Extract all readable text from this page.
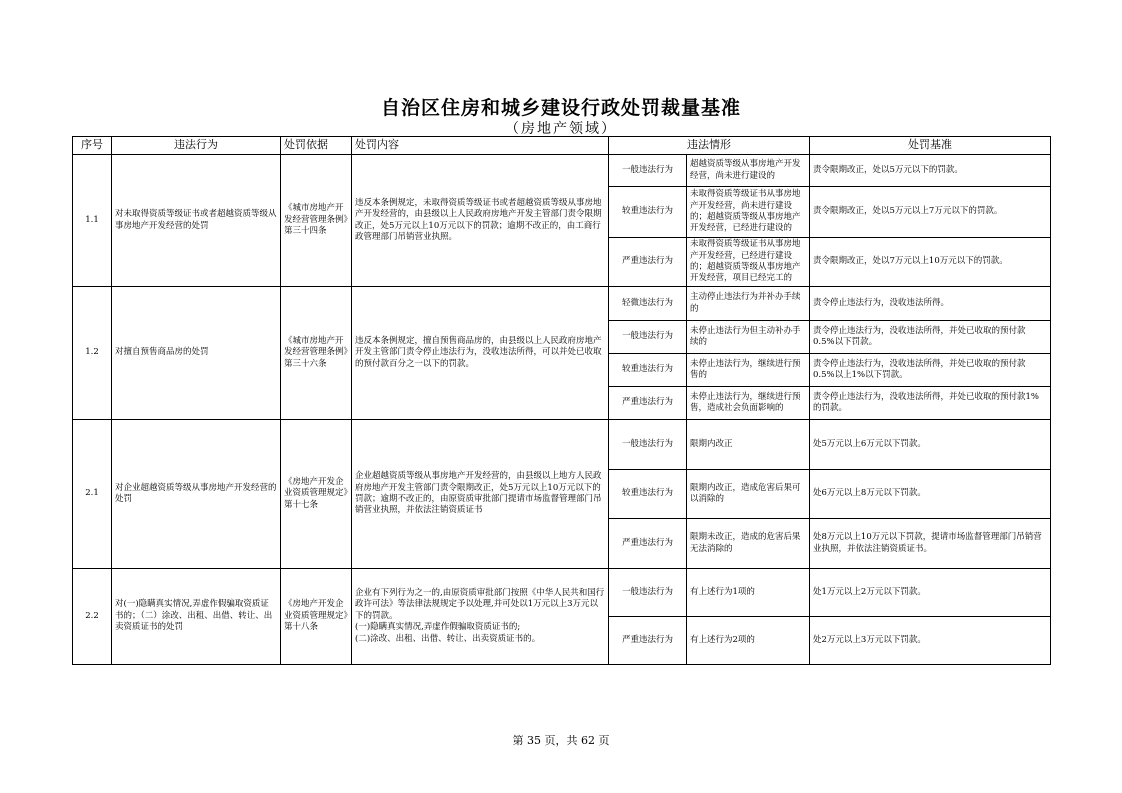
自治区住房和城乡建设行政处罚裁量基准
（房地产领域）
序号	违法行为	处罚依据	处罚内容	违法情形		处罚基准
1.1	对未取得资质等级证书或者超越资质等级从事房地产开发经营的处罚	《城市房地产开发经营管理条例》第三十四条	违反本条例规定，未取得资质等级证书或者超越资质等级从事房地产开发经营的，由县级以上人民政府房地产开发主管部门责令限期改正，处5万元以上10万元以下的罚款；逾期不改正的，由工商行政管理部门吊销营业执照。	一般违法行为	超越资质等级从事房地产开发经营，尚未进行建设的	责令限期改正，处以5万元以下的罚款。
				较重违法行为	未取得资质等级证书从事房地产开发经营，尚未进行建设的；超越资质等级从事房地产开发经营，已经进行建设的	责令限期改正，处以5万元以上7万元以下的罚款。
				严重违法行为	未取得资质等级证书从事房地产开发经营，已经进行建设的；超越资质等级从事房地产开发经营，项目已经完工的	责令限期改正，处以7万元以上10万元以下的罚款。
1.2	对擅自预售商品房的处罚	《城市房地产开发经营管理条例》第三十六条	违反本条例规定，擅自预售商品房的，由县级以上人民政府房地产开发主管部门责令停止违法行为，没收违法所得，可以并处已收取的预付款百分之一以下的罚款。	轻微违法行为	主动停止违法行为并补办手续的	责令停止违法行为，没收违法所得。
				一般违法行为	未停止违法行为但主动补办手续的	责令停止违法行为，没收违法所得，并处已收取的预付款0.5%以下罚款。
				较重违法行为	未停止违法行为，继续进行预售的	责令停止违法行为，没收违法所得，并处已收取的预付款0.5%以上1%以下罚款。
				严重违法行为	未停止违法行为，继续进行预售，造成社会负面影响的	责令停止违法行为，没收违法所得，并处已收取的预付款1%的罚款。
2.1	对企业超越资质等级从事房地产开发经营的处罚	《房地产开发企业资质管理规定》第十七条	企业超越资质等级从事房地产开发经营的，由县级以上地方人民政府房地产开发主管部门责令限期改正，处5万元以上10万元以下的罚款；逾期不改正的，由原资质审批部门提请市场监督管理部门吊销营业执照，并依法注销资质证书	一般违法行为	限期内改正	处5万元以上6万元以下罚款。
				较重违法行为	限期内改正，造成危害后果可以消除的	处6万元以上8万元以下罚款。
				严重违法行为	限期未改正，造成的危害后果无法消除的	处8万元以上10万元以下罚款，提请市场监督管理部门吊销营业执照，并依法注销资质证书。
2.2	对(一)隐瞒真实情况,弄虚作假骗取资质证书的；（二）涂改、出租、出借、转让、出卖资质证书的处罚	《房地产开发企业资质管理规定》第十八条	企业有下列行为之一的,由原资质审批部门按照《中华人民共和国行政许可法》等法律法规规定予以处理,并可处以1万元以上3万元以下的罚款。
(一)隐瞒真实情况,弄虚作假骗取资质证书的;
(二)涂改、出租、出借、转让、出卖资质证书的。	一般违法行为	有上述行为1项的	处1万元以上2万元以下罚款。
				严重违法行为	有上述行为2项的	处2万元以上3万元以下罚款。
第 35 页，共 62 页
